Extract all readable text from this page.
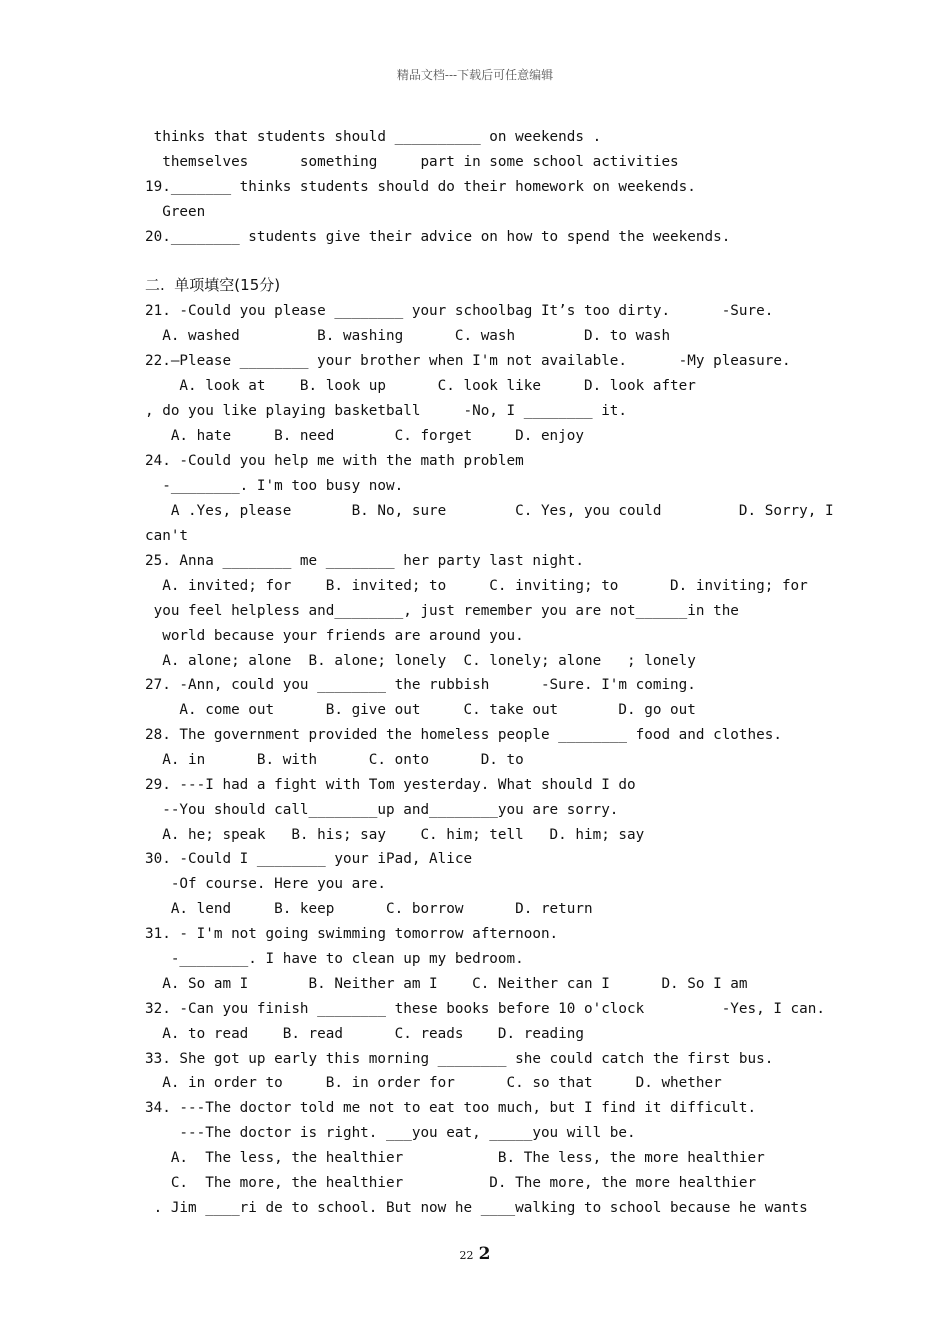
精品文档---下载后可任意编辑
thinks that students should __________ on weekends .
themselves      something     part in some school activities
19._______ thinks students should do their homework on weekends.
Green
20.________ students give their advice on how to spend the weekends.
二.  单项填空(15分)
21. -Could you please ________ your schoolbag It’s too dirty.      -Sure.
A. washed         B. washing      C. wash        D. to wash
22.–Please ________ your brother when I'm not available.      -My pleasure.
A. look at    B. look up      C. look like     D. look after
, do you like playing basketball     -No, I ________ it.
A. hate     B. need       C. forget     D. enjoy
24. -Could you help me with the math problem
-________. I'm too busy now.
A .Yes, please       B. No, sure        C. Yes, you could         D. Sorry, I
can't
25. Anna ________ me ________ her party last night.
A. invited; for    B. invited; to     C. inviting; to      D. inviting; for
you feel helpless and________, just remember you are not______in the
world because your friends are around you.
A. alone; alone  B. alone; lonely  C. lonely; alone   ; lonely
27. -Ann, could you ________ the rubbish      -Sure. I'm coming.
A. come out      B. give out     C. take out       D. go out
28. The government provided the homeless people ________ food and clothes.
A. in      B. with      C. onto      D. to
29. ---I had a fight with Tom yesterday. What should I do
--You should call________up and________you are sorry.
A. he; speak   B. his; say    C. him; tell   D. him; say
30. -Could I ________ your iPad, Alice
-Of course. Here you are.
A. lend     B. keep      C. borrow      D. return
31. - I'm not going swimming tomorrow afternoon.
-________. I have to clean up my bedroom.
A. So am I       B. Neither am I    C. Neither can I      D. So I am
32. -Can you finish ________ these books before 10 o'clock         -Yes, I can.
A. to read    B. read      C. reads    D. reading
33. She got up early this morning ________ she could catch the first bus.
A. in order to     B. in order for      C. so that     D. whether
34. ---The doctor told me not to eat too much, but I find it difficult.
---The doctor is right. ___you eat, _____you will be.
A.  The less, the healthier           B. The less, the more healthier
C.  The more, the healthier          D. The more, the more healthier
. Jim ____ri de to school. But now he ____walking to school because he wants
22 2
